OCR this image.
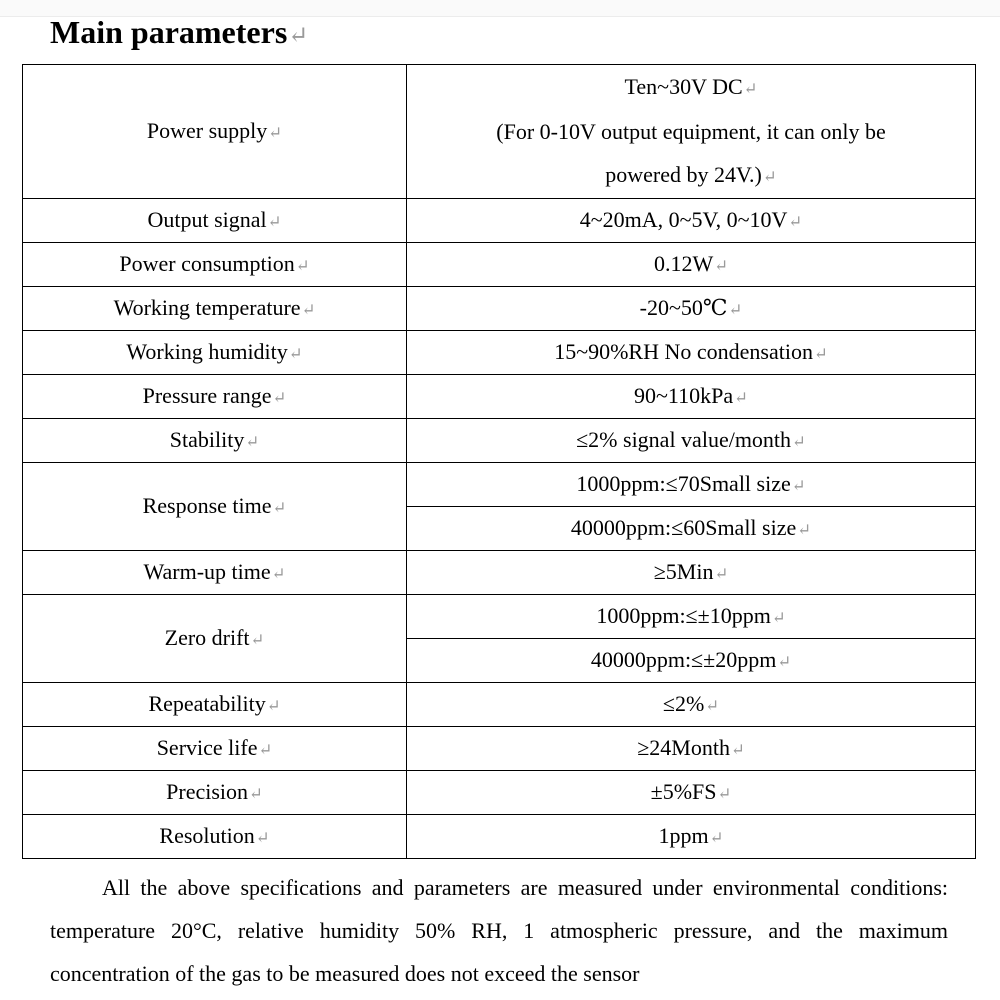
Main parameters↵
Power supply↵	Ten~30V DC↵
(For 0-10V output equipment, it can only be
powered by 24V.)↵

Output signal↵	4~20mA, 0~5V, 0~10V↵
Power consumption↵	0.12W↵
Working temperature↵	-20~50℃↵
Working humidity↵	15~90%RH No condensation↵
Pressure range↵	90~110kPa↵
Stability↵	≤2% signal value/month↵
Response time↵	1000ppm:≤70Small size↵
	40000ppm:≤60Small size↵
Warm-up time↵	≥5Min↵
Zero drift↵	1000ppm:≤±10ppm↵
	40000ppm:≤±20ppm↵
Repeatability↵	≤2%↵
Service life↵	≥24Month↵
Precision↵	±5%FS↵
Resolution↵	1ppm↵

All the above specifications and parameters are measured under environmental conditions: temperature 20°C, relative humidity 50% RH, 1 atmospheric pressure, and the maximum concentration of the gas to be measured does not exceed the sensor
